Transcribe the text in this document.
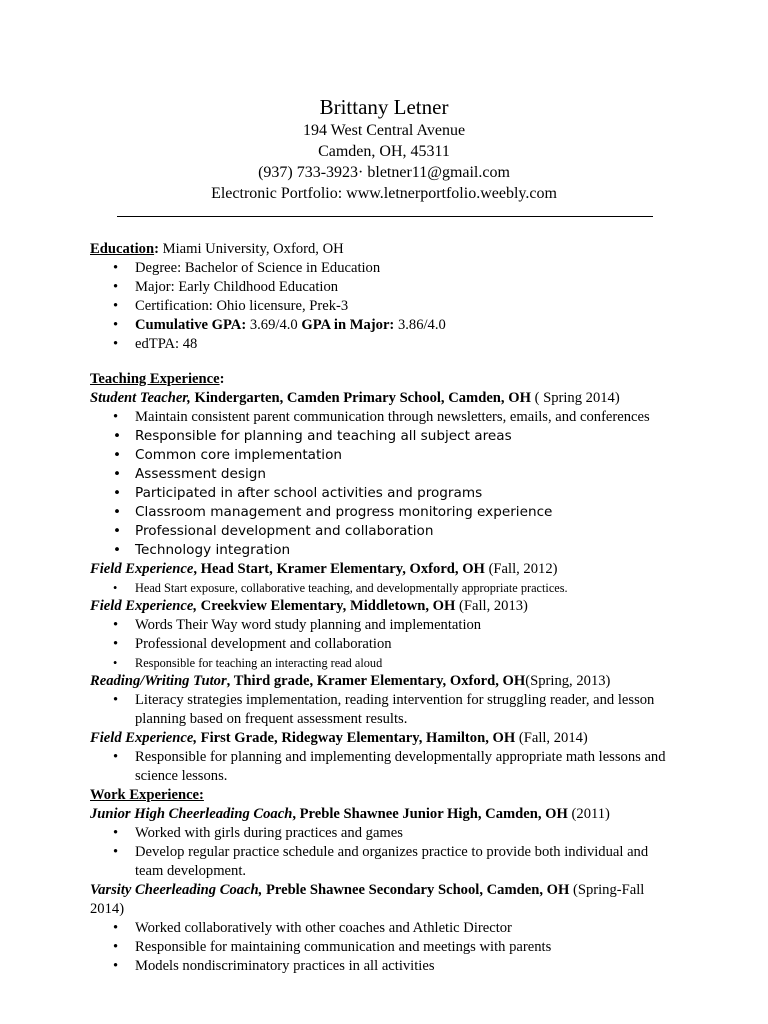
Brittany Letner
194 West Central Avenue
Camden, OH, 45311
(937) 733-3923· bletner11@gmail.com
Electronic Portfolio: www.letnerportfolio.weebly.com
Education: Miami University, Oxford, OH
• Degree: Bachelor of Science in Education
• Major: Early Childhood Education
• Certification: Ohio licensure, Prek-3
• Cumulative GPA: 3.69/4.0 GPA in Major: 3.86/4.0
• edTPA: 48
Teaching Experience:
Student Teacher, Kindergarten, Camden Primary School, Camden, OH ( Spring 2014)
• Maintain consistent parent communication through newsletters, emails, and conferences
• Responsible for planning and teaching all subject areas
• Common core implementation
• Assessment design
• Participated in after school activities and programs
• Classroom management and progress monitoring experience
• Professional development and collaboration
• Technology integration
Field Experience, Head Start, Kramer Elementary, Oxford, OH (Fall, 2012)
• Head Start exposure, collaborative teaching, and developmentally appropriate practices.
Field Experience, Creekview Elementary, Middletown, OH (Fall, 2013)
• Words Their Way word study planning and implementation
• Professional development and collaboration
• Responsible for teaching an interacting read aloud
Reading/Writing Tutor, Third grade, Kramer Elementary, Oxford, OH(Spring, 2013)
• Literacy strategies implementation, reading intervention for struggling reader, and lesson planning based on frequent assessment results.
Field Experience, First Grade, Ridegway Elementary, Hamilton, OH (Fall, 2014)
• Responsible for planning and implementing developmentally appropriate math lessons and science lessons.
Work Experience:
Junior High Cheerleading Coach, Preble Shawnee Junior High, Camden, OH (2011)
• Worked with girls during practices and games
• Develop regular practice schedule and organizes practice to provide both individual and team development.
Varsity Cheerleading Coach, Preble Shawnee Secondary School, Camden, OH (Spring-Fall 2014)
• Worked collaboratively with other coaches and Athletic Director
• Responsible for maintaining communication and meetings with parents
• Models nondiscriminatory practices in all activities
